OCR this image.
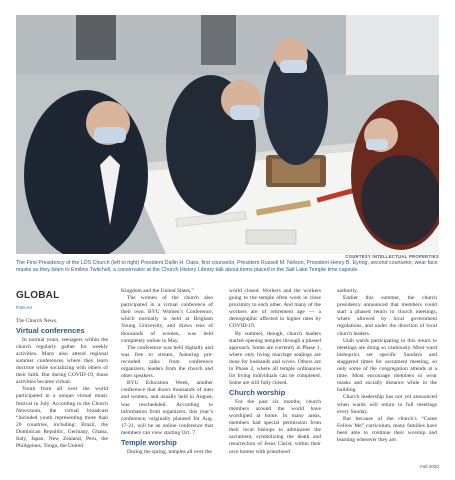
COURTESY INTELLECTUAL PROPERTIES
The First Presidency of the LDS Church (left to right) President Dallin H. Oaks, first counselor, President Russell M. Nelson, President Henry B. Eyring, second counselor, wear face masks as they listen to Emiline Twitchell, a conservator at the Church History Library talk about items placed in the Salt Lake Temple time capsule.
GLOBAL
From AA

The Church News.

Virtual conferences

In normal years, teenagers within the church regularly gather for weekly activities. Many also attend regional summer conferences where they learn doctrine while socializing with others of their faith. But during COVID-19, those activities became virtual.

Youth from all over the world participated in a unique virtual music festival in July. According to the Church Newsroom, the virtual broadcast “included youth representing more than 20 countries, including: Brazil, the Dominican Republic, Germany, Ghana, Italy, Japan, New Zealand, Peru, the Philippines, Tonga, the United

Kingdom and the United States.”

The women of the church also participated in a virtual conference of their own. BYU Women’s Conference, which normally is held at Brigham Young University, and draws tens of thousands of women, was held completely online in May.

The conference was held digitally and was free to stream, featuring pre-recorded talks from conference organizers, leaders from the church and other speakers.

BYU Education Week, another conference that draws thousands of men and women, and usually held in August, was rescheduled. According to information from organizers, this year’s conference, originally planned for Aug. 17-21, will be an online conference that members can view starting Oct. 7.

Temple worship

During the spring, temples all over the

world closed. Workers and the workers going to the temple often work in close proximity to each other. And many of the workers are of retirement age — a demographic affected in higher rates by COVID-19.

By summer, though, church leaders started opening temples through a phased approach. Some are currently in Phase 1, where only living marriage sealings are done for husbands and wives. Others are in Phase 2, where all temple ordinances for living individuals can be completed. Some are still fully closed.

Church worship

For the past six months, church members around the world have worshiped at home. In many areas, members had special permission from their local bishops to administer the sacrament, symbolizing the death and resurrection of Jesus Christ, within their own homes with priesthood

authority.

Earlier this summer, the church presidency announced that members could start a phased return to church meetings, where allowed by local government regulations, and under the direction of local church leaders.

Utah wards participating in this return to meetings are doing so cautiously. Most ward bishoprics set specific Sundays and staggered times for sacrament meeting, so only some of the congregation attends at a time. Most encourage members to wear masks and socially distance while in the building.

Church leadership has not yet announced when wards will return to full meetings every Sunday.

But because of the church’s “Come Follow Me” curriculum, many families have been able to continue their worship and learning wherever they are.

Fall 2020
